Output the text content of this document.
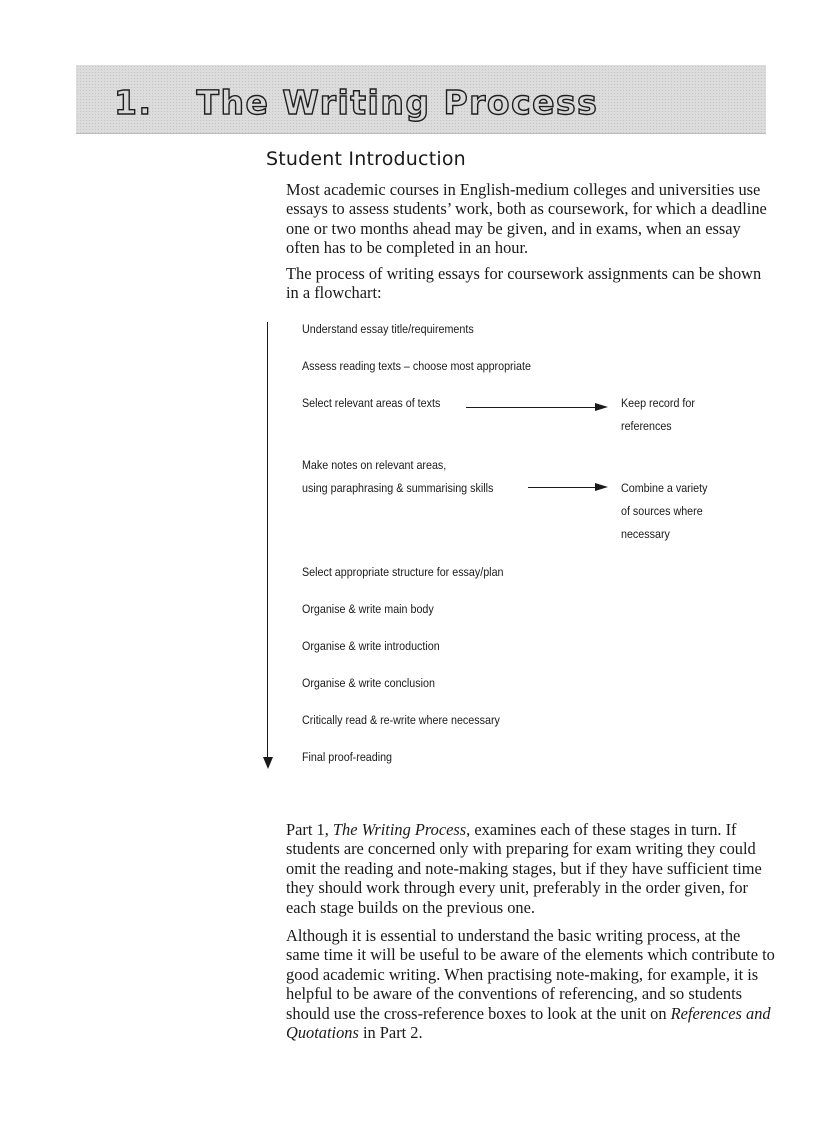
1. The Writing Process
Student Introduction

Most academic courses in English-medium colleges and universities use essays to assess students’ work, both as coursework, for which a deadline one or two months ahead may be given, and in exams, when an essay often has to be completed in an hour.

The process of writing essays for coursework assignments can be shown in a flowchart:

Understand essay title/requirements

Assess reading texts – choose most appropriate

Select relevant areas of texts

Make notes on relevant areas,

using paraphrasing & summarising skills

Select appropriate structure for essay/plan

Organise & write main body

Organise & write introduction

Organise & write conclusion

Critically read & re-write where necessary

Final proof-reading

Keep record for
references

Combine a variety
of sources where
necessary

Part 1, The Writing Process, examines each of these stages in turn. If students are concerned only with preparing for exam writing they could omit the reading and note-making stages, but if they have sufficient time they should work through every unit, preferably in the order given, for each stage builds on the previous one.

Although it is essential to understand the basic writing process, at the same time it will be useful to be aware of the elements which contribute to good academic writing. When practising note-making, for example, it is helpful to be aware of the conventions of referencing, and so students should use the cross-reference boxes to look at the unit on References and
Quotations in Part 2.
